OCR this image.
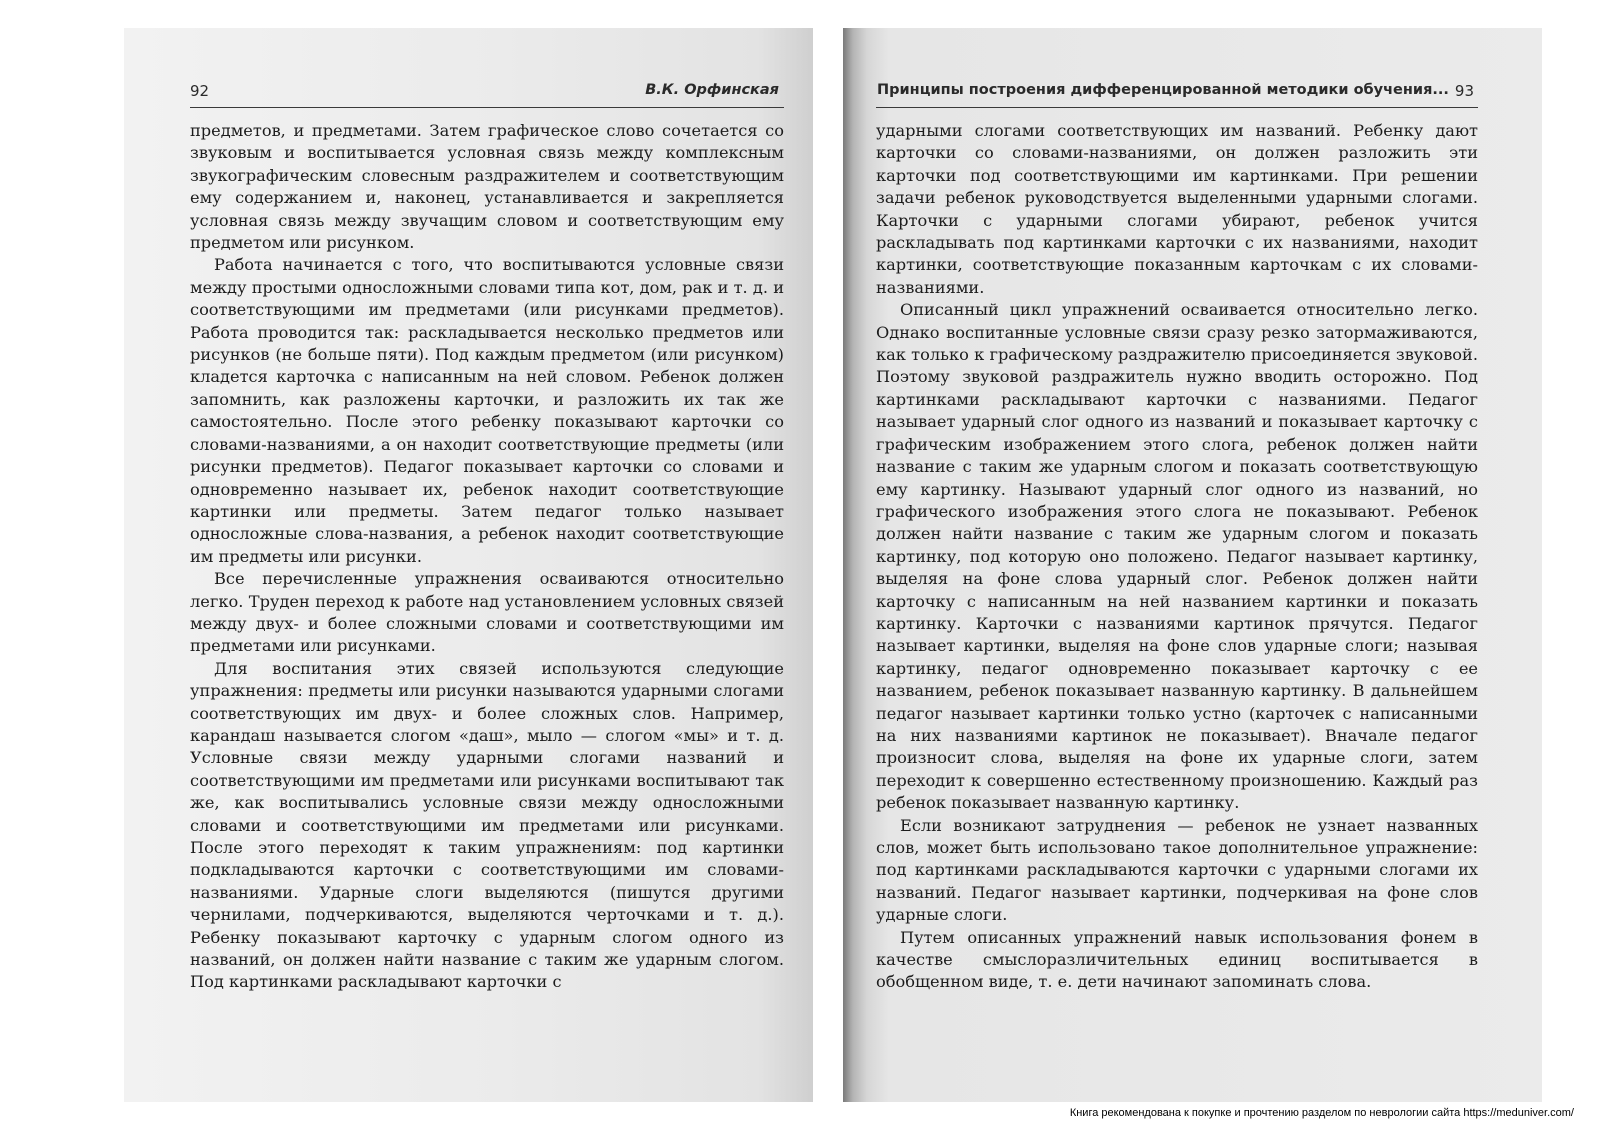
92	В.К. Орфинская

предметов, и предметами. Затем графическое слово сочетается со звуковым и воспитывается условная связь между комплексным звукографическим словесным раздражителем и соответствующим ему содержанием и, наконец, устанавливается и закрепляется условная связь между звучащим словом и соответствующим ему предметом или рисунком.

Работа начинается с того, что воспитываются условные связи между простыми односложными словами типа кот, дом, рак и т. д. и соответствующими им предметами (или рисунками предметов). Работа проводится так: раскладывается несколько предметов или рисунков (не больше пяти). Под каждым предметом (или рисунком) кладется карточка с написанным на ней словом. Ребенок должен запомнить, как разложены карточки, и разложить их так же самостоятельно. После этого ребенку показывают карточки со словами-названиями, а он находит соответствующие предметы (или рисунки предметов). Педагог показывает карточки со словами и одновременно называет их, ребенок находит соответствующие картинки или предметы. Затем педагог только называет односложные слова-названия, а ребенок находит соответствующие им предметы или рисунки.

Все перечисленные упражнения осваиваются относительно легко. Труден переход к работе над установлением условных связей между двух- и более сложными словами и соответствующими им предметами или рисунками.

Для воспитания этих связей используются следующие упражнения: предметы или рисунки называются ударными слогами соответствующих им двух- и более сложных слов. Например, карандаш называется слогом «даш», мыло — слогом «мы» и т. д. Условные связи между ударными слогами названий и соответствующими им предметами или рисунками воспитывают так же, как воспитывались условные связи между односложными словами и соответствующими им предметами или рисунками. После этого переходят к таким упражнениям: под картинки подкладываются карточки с соответствующими им словами-названиями. Ударные слоги выделяются (пишутся другими чернилами, подчеркиваются, выделяются черточками и т. д.). Ребенку показывают карточку с ударным слогом одного из названий, он должен найти название с таким же ударным слогом. Под картинками раскладывают карточки с

Принципы построения дифференцированной методики обучения... 93

ударными слогами соответствующих им названий. Ребенку дают карточки со словами-названиями, он должен разложить эти карточки под соответствующими им картинками. При решении задачи ребенок руководствуется выделенными ударными слогами. Карточки с ударными слогами убирают, ребенок учится раскладывать под картинками карточки с их названиями, находит картинки, соответствующие показанным карточкам с их словами-названиями.

Описанный цикл упражнений осваивается относительно легко. Однако воспитанные условные связи сразу резко затормаживаются, как только к графическому раздражителю присоединяется звуковой. Поэтому звуковой раздражитель нужно вводить осторожно. Под картинками раскладывают карточки с названиями. Педагог называет ударный слог одного из названий и показывает карточку с графическим изображением этого слога, ребенок должен найти название с таким же ударным слогом и показать соответствующую ему картинку. Называют ударный слог одного из названий, но графического изображения этого слога не показывают. Ребенок должен найти название с таким же ударным слогом и показать картинку, под которую оно положено. Педагог называет картинку, выделяя на фоне слова ударный слог. Ребенок должен найти карточку с написанным на ней названием картинки и показать картинку. Карточки с названиями картинок прячутся. Педагог называет картинки, выделяя на фоне слов ударные слоги; называя картинку, педагог одновременно показывает карточку с ее названием, ребенок показывает названную картинку. В дальнейшем педагог называет картинки только устно (карточек с написанными на них названиями картинок не показывает). Вначале педагог произносит слова, выделяя на фоне их ударные слоги, затем переходит к совершенно естественному произношению. Каждый раз ребенок показывает названную картинку.

Если возникают затруднения — ребенок не узнает названных слов, может быть использовано такое дополнительное упражнение: под картинками раскладываются карточки с ударными слогами их названий. Педагог называет картинки, подчеркивая на фоне слов ударные слоги.

Путем описанных упражнений навык использования фонем в качестве смыслоразличительных единиц воспитывается в обобщенном виде, т. е. дети начинают запоминать слова.

Книга рекомендована к покупке и прочтению разделом по неврологии сайта https://meduniver.com/
